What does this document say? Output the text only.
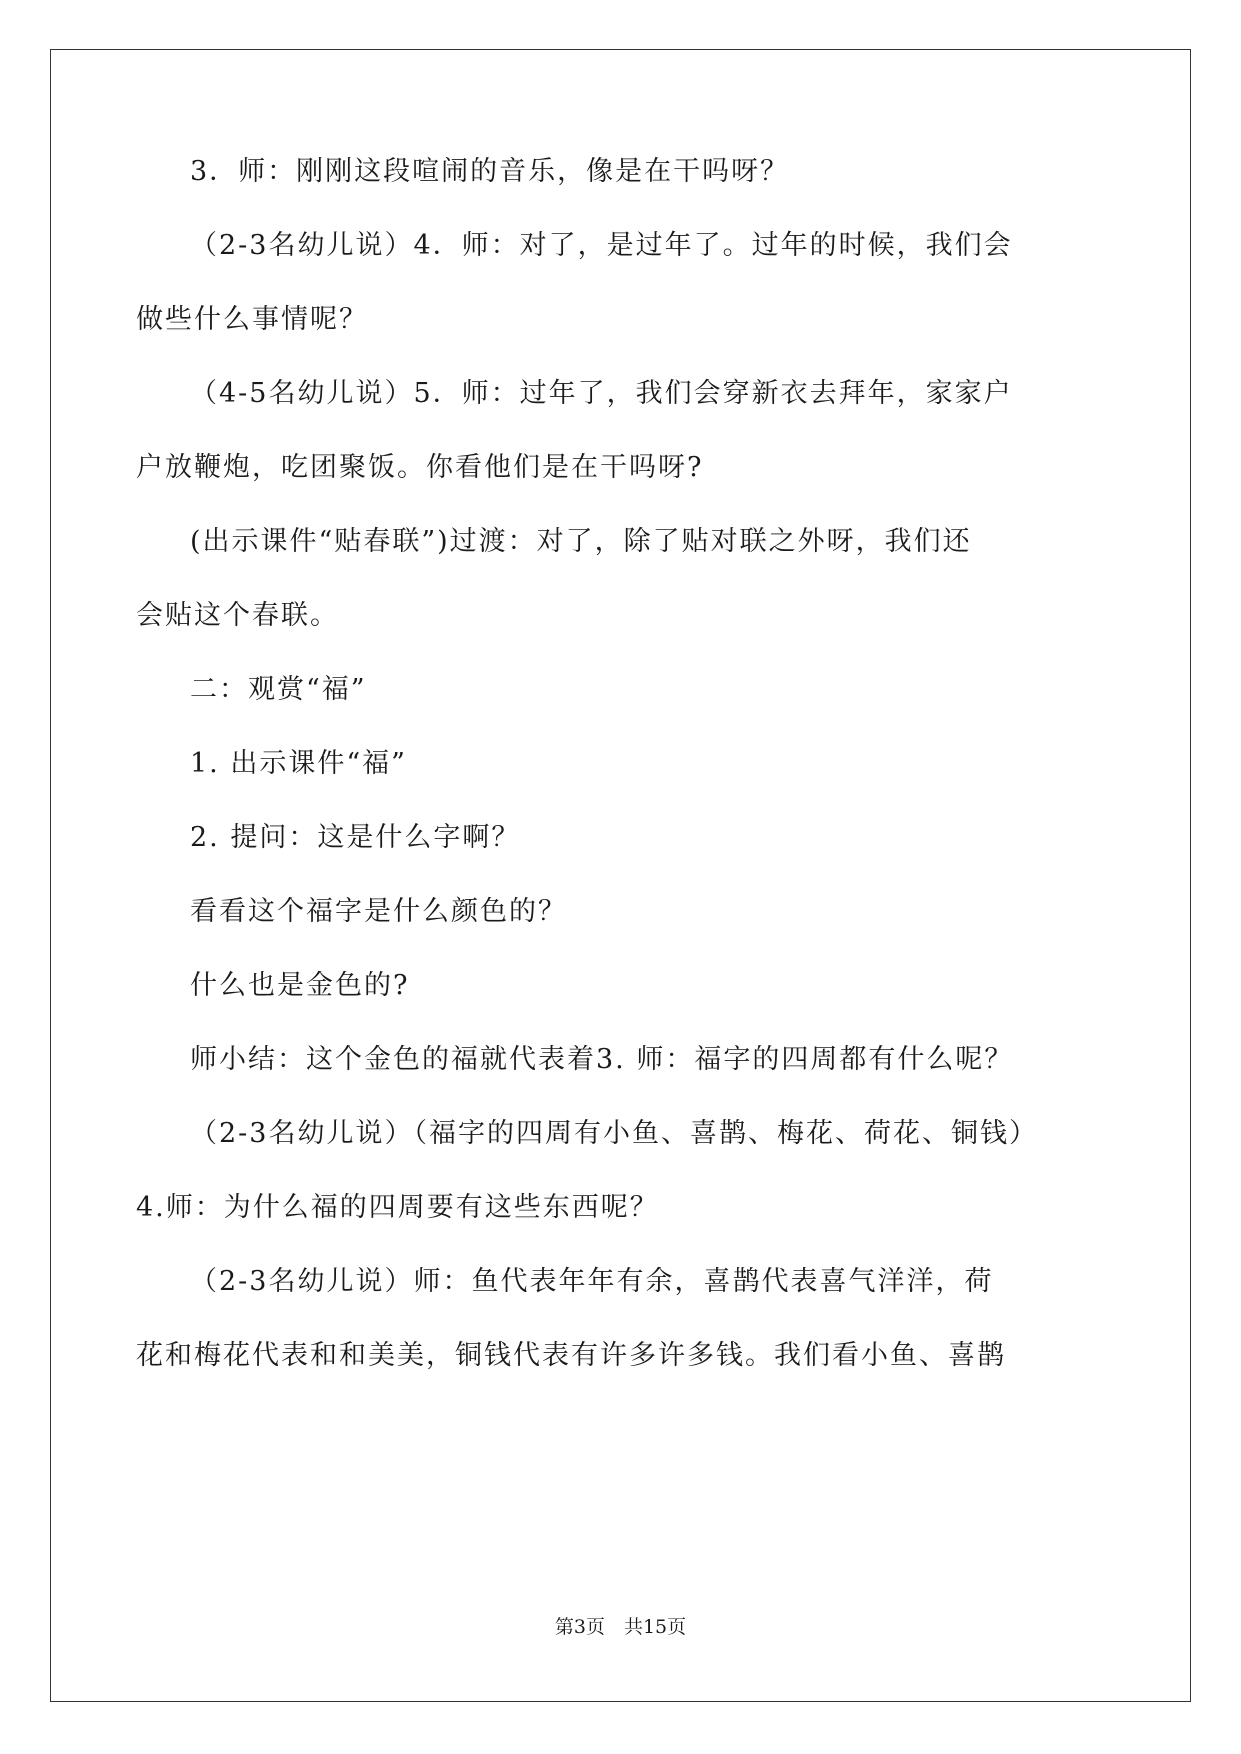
3．师：刚刚这段喧闹的音乐，像是在干吗呀？
（2-3名幼儿说）4．师：对了，是过年了。过年的时候，我们会
做些什么事情呢？
（4-5名幼儿说）5．师：过年了，我们会穿新衣去拜年，家家户
户放鞭炮，吃团聚饭。你看他们是在干吗呀?
(出示课件“贴春联”)过渡：对了，除了贴对联之外呀，我们还
会贴这个春联。
二：观赏“福”
1. 出示课件“福”
2. 提问：这是什么字啊？
看看这个福字是什么颜色的？
什么也是金色的?
师小结：这个金色的福就代表着3. 师：福字的四周都有什么呢？
（2-3名幼儿说）（福字的四周有小鱼、喜鹊、梅花、荷花、铜钱）
4.师：为什么福的四周要有这些东西呢？
（2-3名幼儿说）师：鱼代表年年有余，喜鹊代表喜气洋洋，荷
花和梅花代表和和美美，铜钱代表有许多许多钱。我们看小鱼、喜鹊
第3页　共15页
